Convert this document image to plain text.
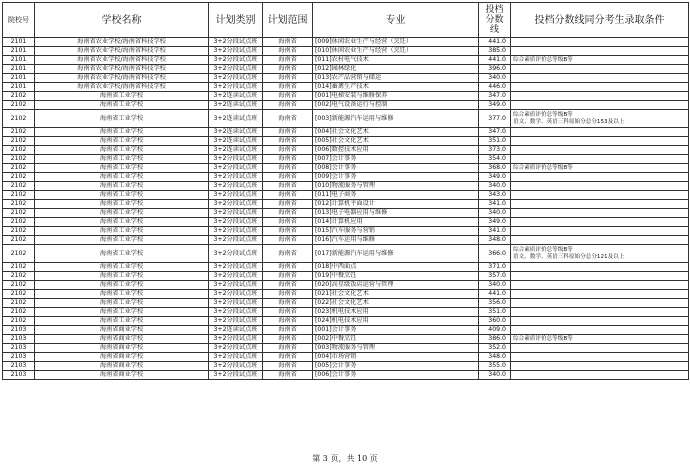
院校号	学校名称	计划类别	计划范围	专业	投档
分数
线	投档分数线同分考生录取条件
2101	海南省农业学校/海南省科技学校	3+2分段试点班	海南省	[009]休闲农业生产与经营（烹饪）	441.0	
2101	海南省农业学校/海南省科技学校	3+2分段试点班	海南省	[010]休闲农业生产与经营（烹饪）	385.0	
2101	海南省农业学校/海南省科技学校	3+2分段试点班	海南省	[011]农村电气技术	441.0	综合素质评价总等级B等
2101	海南省农业学校/海南省科技学校	3+2分段试点班	海南省	[012]园林绿化	396.0	
2101	海南省农业学校/海南省科技学校	3+2分段试点班	海南省	[013]农产品营销与储运	340.0	
2101	海南省农业学校/海南省科技学校	3+2分段试点班	海南省	[014]畜禽生产技术	446.0	
2102	海南省工业学校	3+2连读试点班	海南省	[001]电梯安装与维修保养	347.0	
2102	海南省工业学校	3+2连读试点班	海南省	[002]电气设备运行与控制	349.0	
2102	海南省工业学校	3+2连读试点班	海南省	[003]新能源汽车运用与维修	377.0	综合素质评价总等级B等
语文、数学、英语三科原始分总分153及以上
2102	海南省工业学校	3+2连读试点班	海南省	[004]社会文化艺术	347.0	
2102	海南省工业学校	3+2连读试点班	海南省	[005]社会文化艺术	351.0	
2102	海南省工业学校	3+2连读试点班	海南省	[006]数控技术应用	373.0	
2102	海南省工业学校	3+2分段试点班	海南省	[007]会计事务	354.0	
2102	海南省工业学校	3+2分段试点班	海南省	[008]会计事务	368.0	综合素质评价总等级B等
2102	海南省工业学校	3+2分段试点班	海南省	[009]会计事务	349.0	
2102	海南省工业学校	3+2分段试点班	海南省	[010]物流服务与管理	340.0	
2102	海南省工业学校	3+2分段试点班	海南省	[011]电子商务	343.0	
2102	海南省工业学校	3+2分段试点班	海南省	[012]计算机平面设计	341.0	
2102	海南省工业学校	3+2分段试点班	海南省	[013]电子电器应用与维修	340.0	
2102	海南省工业学校	3+2分段试点班	海南省	[014]计算机应用	349.0	
2102	海南省工业学校	3+2分段试点班	海南省	[015]汽车服务与营销	341.0	
2102	海南省工业学校	3+2分段试点班	海南省	[016]汽车运用与维修	348.0	
2102	海南省工业学校	3+2分段试点班	海南省	[017]新能源汽车运用与维修	366.0	综合素质评价总等级B等
语文、数学、英语三科原始分总分121及以上
2102	海南省工业学校	3+2分段试点班	海南省	[018]中西面点	371.0	
2102	海南省工业学校	3+2分段试点班	海南省	[019]中餐烹饪	357.0	
2102	海南省工业学校	3+2分段试点班	海南省	[020]高星级饭店运营与管理	340.0	
2102	海南省工业学校	3+2分段试点班	海南省	[021]社会文化艺术	441.0	
2102	海南省工业学校	3+2分段试点班	海南省	[022]社会文化艺术	356.0	
2102	海南省工业学校	3+2分段试点班	海南省	[023]机电技术应用	351.0	
2102	海南省工业学校	3+2分段试点班	海南省	[024]机电技术应用	360.0	
2103	海南省商业学校	3+2连读试点班	海南省	[001]会计事务	409.0	
2103	海南省商业学校	3+2分段试点班	海南省	[002]中餐烹饪	386.0	综合素质评价总等级B等
2103	海南省商业学校	3+2分段试点班	海南省	[003]物流服务与管理	352.0	
2103	海南省商业学校	3+2分段试点班	海南省	[004]市场营销	348.0	
2103	海南省商业学校	3+2分段试点班	海南省	[005]会计事务	355.0	
2103	海南省商业学校	3+2分段试点班	海南省	[006]会计事务	340.0	
第 3 页，共 10 页
